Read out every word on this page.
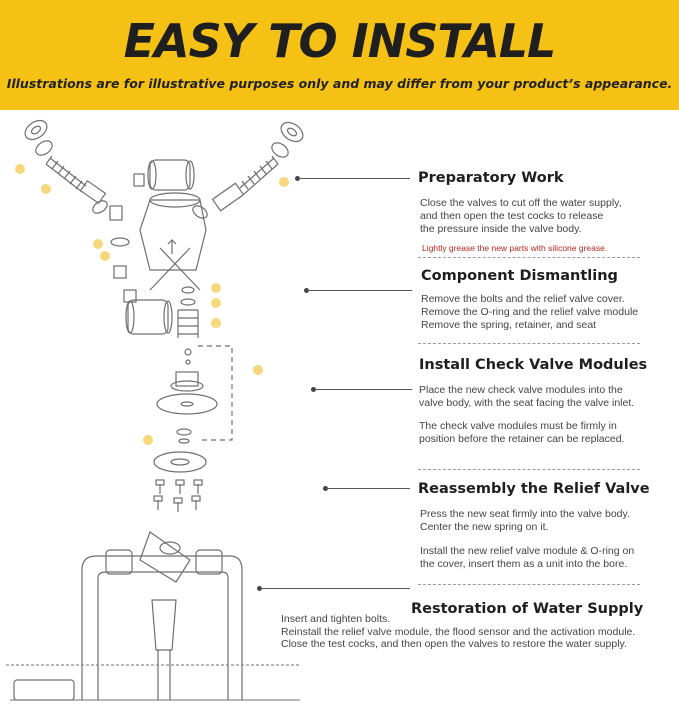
EASY TO INSTALL
Illustrations are for illustrative purposes only and may differ from your product’s appearance.
Preparatory Work
Close the valves to cut off the water supply,
and then open the test cocks to release
the pressure inside the valve body.
Lightly grease the new parts with silicone grease.
Component Dismantling
Remove the bolts and the relief valve cover.
Remove the O-ring and the relief valve module
Remove the spring, retainer, and seat
Install Check Valve Modules
Place the new check valve modules into the
valve body, with the seat facing the valve inlet.
The check valve modules must be firmly in
position before the retainer can be replaced.
Reassembly the Relief Valve
Press the new seat firmly into the valve body.
Center the new spring on it.
Install the new relief valve module & O-ring on
the cover, insert them as a unit into the bore.
Restoration of Water Supply
Insert and tighten bolts.
Reinstall the relief valve module, the flood sensor and the activation module.
Close the test cocks, and then open the valves to restore the water supply.
